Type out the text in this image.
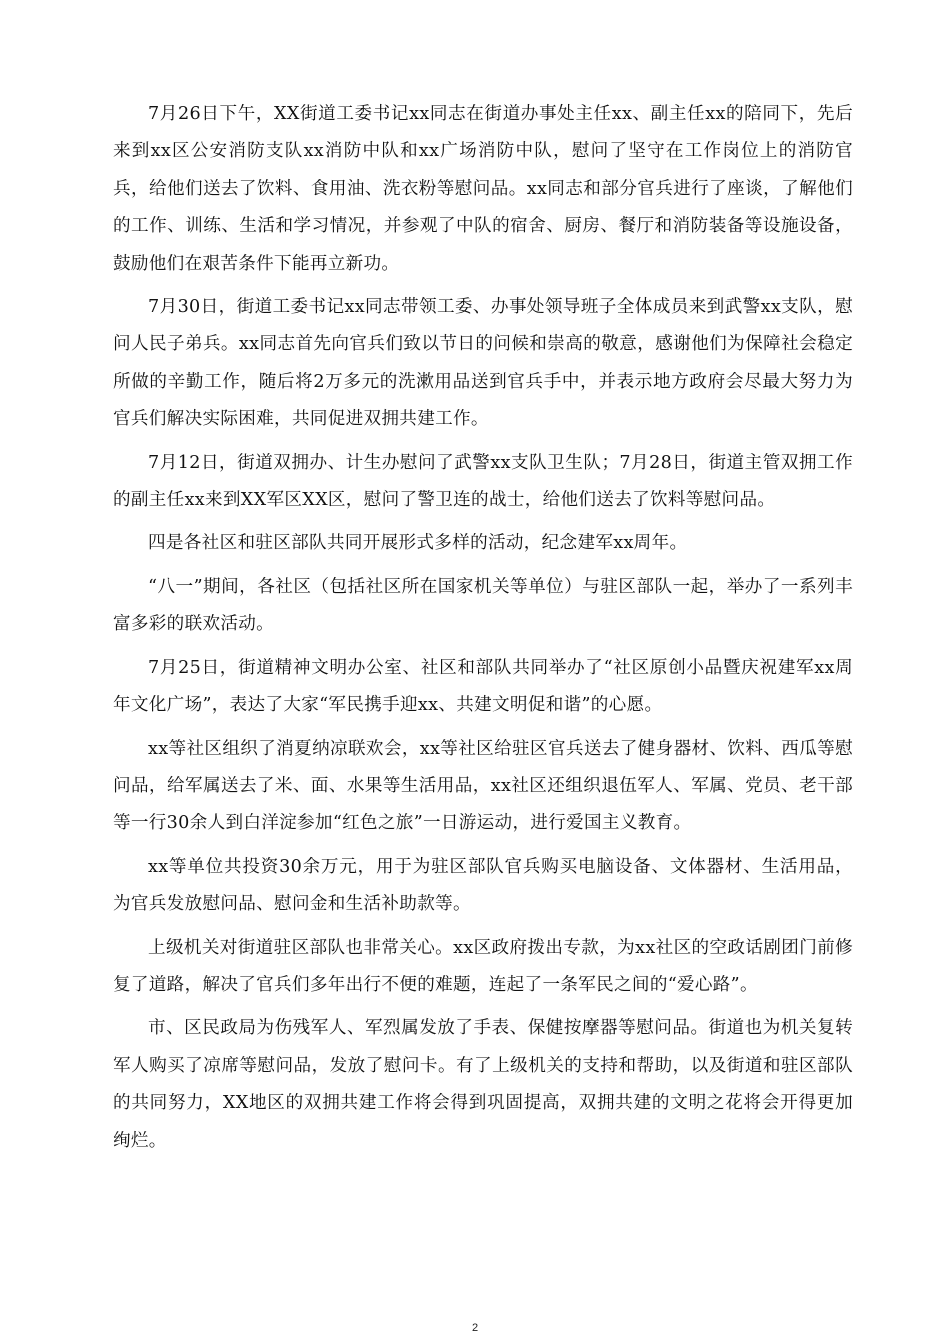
7月26日下午，XX街道工委书记xx同志在街道办事处主任xx、副主任xx的陪同下，先后来到xx区公安消防支队xx消防中队和xx广场消防中队，慰问了坚守在工作岗位上的消防官兵，给他们送去了饮料、食用油、洗衣粉等慰问品。xx同志和部分官兵进行了座谈，了解他们的工作、训练、生活和学习情况，并参观了中队的宿舍、厨房、餐厅和消防装备等设施设备，鼓励他们在艰苦条件下能再立新功。

7月30日，街道工委书记xx同志带领工委、办事处领导班子全体成员来到武警xx支队，慰问人民子弟兵。xx同志首先向官兵们致以节日的问候和崇高的敬意，感谢他们为保障社会稳定所做的辛勤工作，随后将2万多元的洗漱用品送到官兵手中，并表示地方政府会尽最大努力为官兵们解决实际困难，共同促进双拥共建工作。

7月12日，街道双拥办、计生办慰问了武警xx支队卫生队；7月28日，街道主管双拥工作的副主任xx来到XX军区XX区，慰问了警卫连的战士，给他们送去了饮料等慰问品。

四是各社区和驻区部队共同开展形式多样的活动，纪念建军xx周年。

“八一”期间，各社区（包括社区所在国家机关等单位）与驻区部队一起，举办了一系列丰富多彩的联欢活动。

7月25日，街道精神文明办公室、社区和部队共同举办了“社区原创小品暨庆祝建军xx周年文化广场”，表达了大家“军民携手迎xx、共建文明促和谐”的心愿。

xx等社区组织了消夏纳凉联欢会，xx等社区给驻区官兵送去了健身器材、饮料、西瓜等慰问品，给军属送去了米、面、水果等生活用品，xx社区还组织退伍军人、军属、党员、老干部等一行30余人到白洋淀参加“红色之旅”一日游运动，进行爱国主义教育。

xx等单位共投资30余万元，用于为驻区部队官兵购买电脑设备、文体器材、生活用品，为官兵发放慰问品、慰问金和生活补助款等。

上级机关对街道驻区部队也非常关心。xx区政府拨出专款，为xx社区的空政话剧团门前修复了道路，解决了官兵们多年出行不便的难题，连起了一条军民之间的“爱心路”。

市、区民政局为伤残军人、军烈属发放了手表、保健按摩器等慰问品。街道也为机关复转军人购买了凉席等慰问品，发放了慰问卡。有了上级机关的支持和帮助，以及街道和驻区部队的共同努力，XX地区的双拥共建工作将会得到巩固提高，双拥共建的文明之花将会开得更加绚烂。

2
